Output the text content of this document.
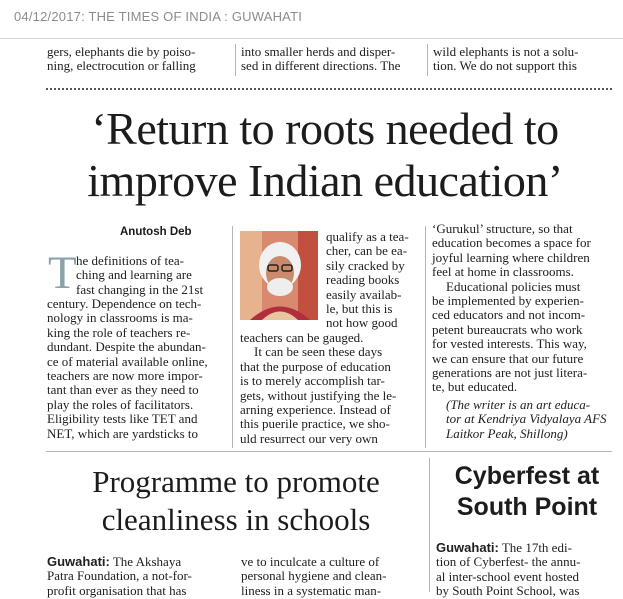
04/12/2017: THE TIMES OF INDIA : GUWAHATI
gers, elephants die by poiso-
ning, electrocution or falling
into smaller herds and disper-
sed in different directions. The
wild elephants is not a solu-
tion. We do not support this
‘Return to roots needed to
improve Indian education’
Anutosh Deb
T he definitions of tea-
ching and learning are
fast changing in the 21st
century. Dependence on tech-
nology in classrooms is ma-
king the role of teachers re-
dundant. Despite the abundan-
ce of material available online,
teachers are now more impor-
tant than ever as they need to
play the roles of facilitators.
Eligibility tests like TET and
NET, which are yardsticks to
qualify as a tea-
cher, can be ea-
sily cracked by
reading books
easily availab-
le, but this is
not how good
teachers can be gauged.
It can be seen these days
that the purpose of education
is to merely accomplish tar-
gets, without justifying the le-
arning experience. Instead of
this puerile practice, we sho-
uld resurrect our very own
‘Gurukul’ structure, so that
education becomes a space for
joyful learning where children
feel at home in classrooms.
Educational policies must
be implemented by experien-
ced educators and not incom-
petent bureaucrats who work
for vested interests. This way,
we can ensure that our future
generations are not just litera-
te, but educated.
(The writer is an art educa-
tor at Kendriya Vidyalaya AFS
Laitkor Peak, Shillong)
Programme to promote
cleanliness in schools
Guwahati: The Akshaya
Patra Foundation, a not-for-
profit organisation that has
ve to inculcate a culture of
personal hygiene and clean-
liness in a systematic man-
Cyberfest at
South Point
Guwahati: The 17th edi-
tion of Cyberfest- the annu-
al inter-school event hosted
by South Point School, was
